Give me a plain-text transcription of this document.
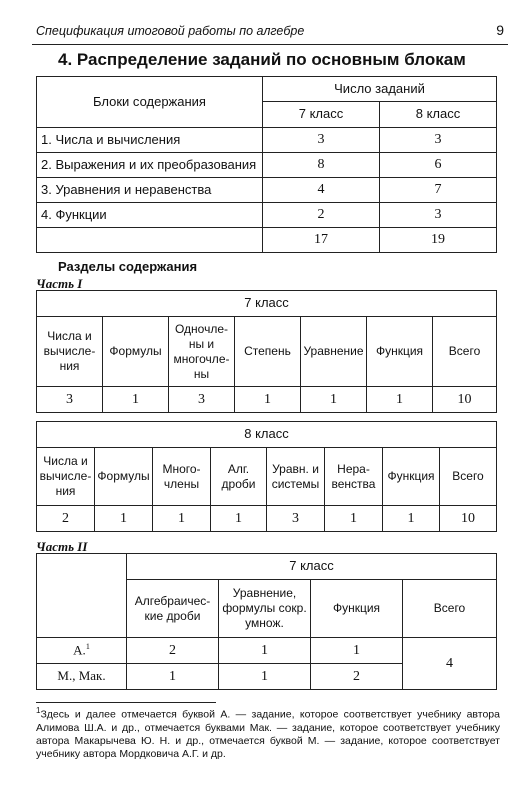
Спецификация итоговой работы по алгебре	9
4. Распределение заданий по основным блокам
Блоки содержания	Число заданий	
	7 класс	8 класс
1. Числа и вычисления	3	3
2. Выражения и их преобразования	8	6
3. Уравнения и неравенства	4	7
4. Функции	2	3
	17	19
Разделы содержания
Часть I
7 класс						
Числа и вычисления	Формулы	Одночлены и многочлены	Степень	Уравнение	Функция	Всего
3	1	3	1	1	1	10
8 класс							
Числа и вычисления	Формулы	Многочлены	Алг. дроби	Уравн. и системы	Неравенства	Функция	Всего
2	1	1	1	3	1	1	10
Часть II
	7 класс			
	Алгебраические дроби	Уравнение, формулы сокр. умнож.	Функция	Всего
А.$^1$	2	1	1	4
М., Мак.	1	1	2	
$^1$Здесь и далее отмечается буквой А. — задание, которое соответствует учебнику автора Алимова Ш.А. и др., отмечается буквами Мак. — задание, которое соответствует учебнику автора Макарычева Ю. Н. и др., отмечается буквой М. — задание, которое соответствует учебнику автора Мордковича А.Г. и др.
